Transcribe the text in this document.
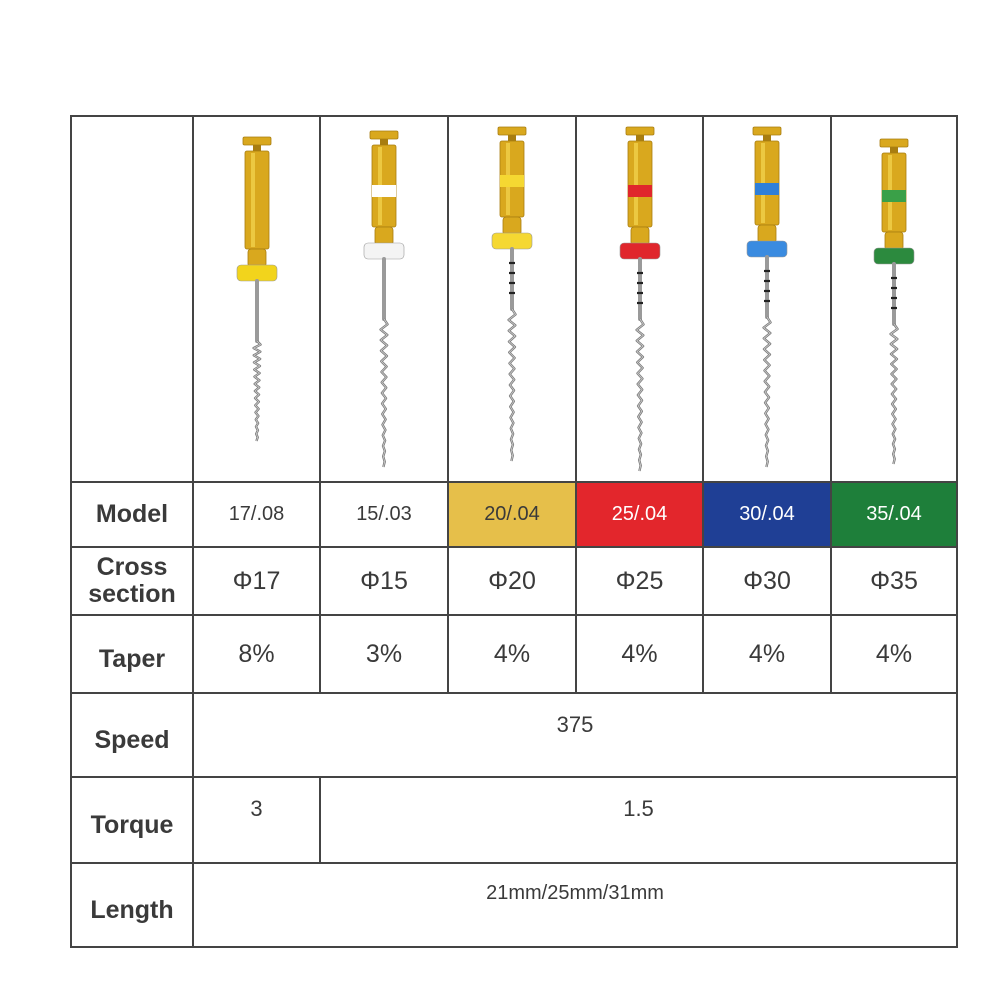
Model	17/.08	15/.03	20/.04	25/.04	30/.04	35/.04
Cross section	Φ17	Φ15	Φ20	Φ25	Φ30	Φ35
Taper	8%	3%	4%	4%	4%	4%
Speed	375					
Torque	3	1.5				
Length	21mm/25mm/31mm					
